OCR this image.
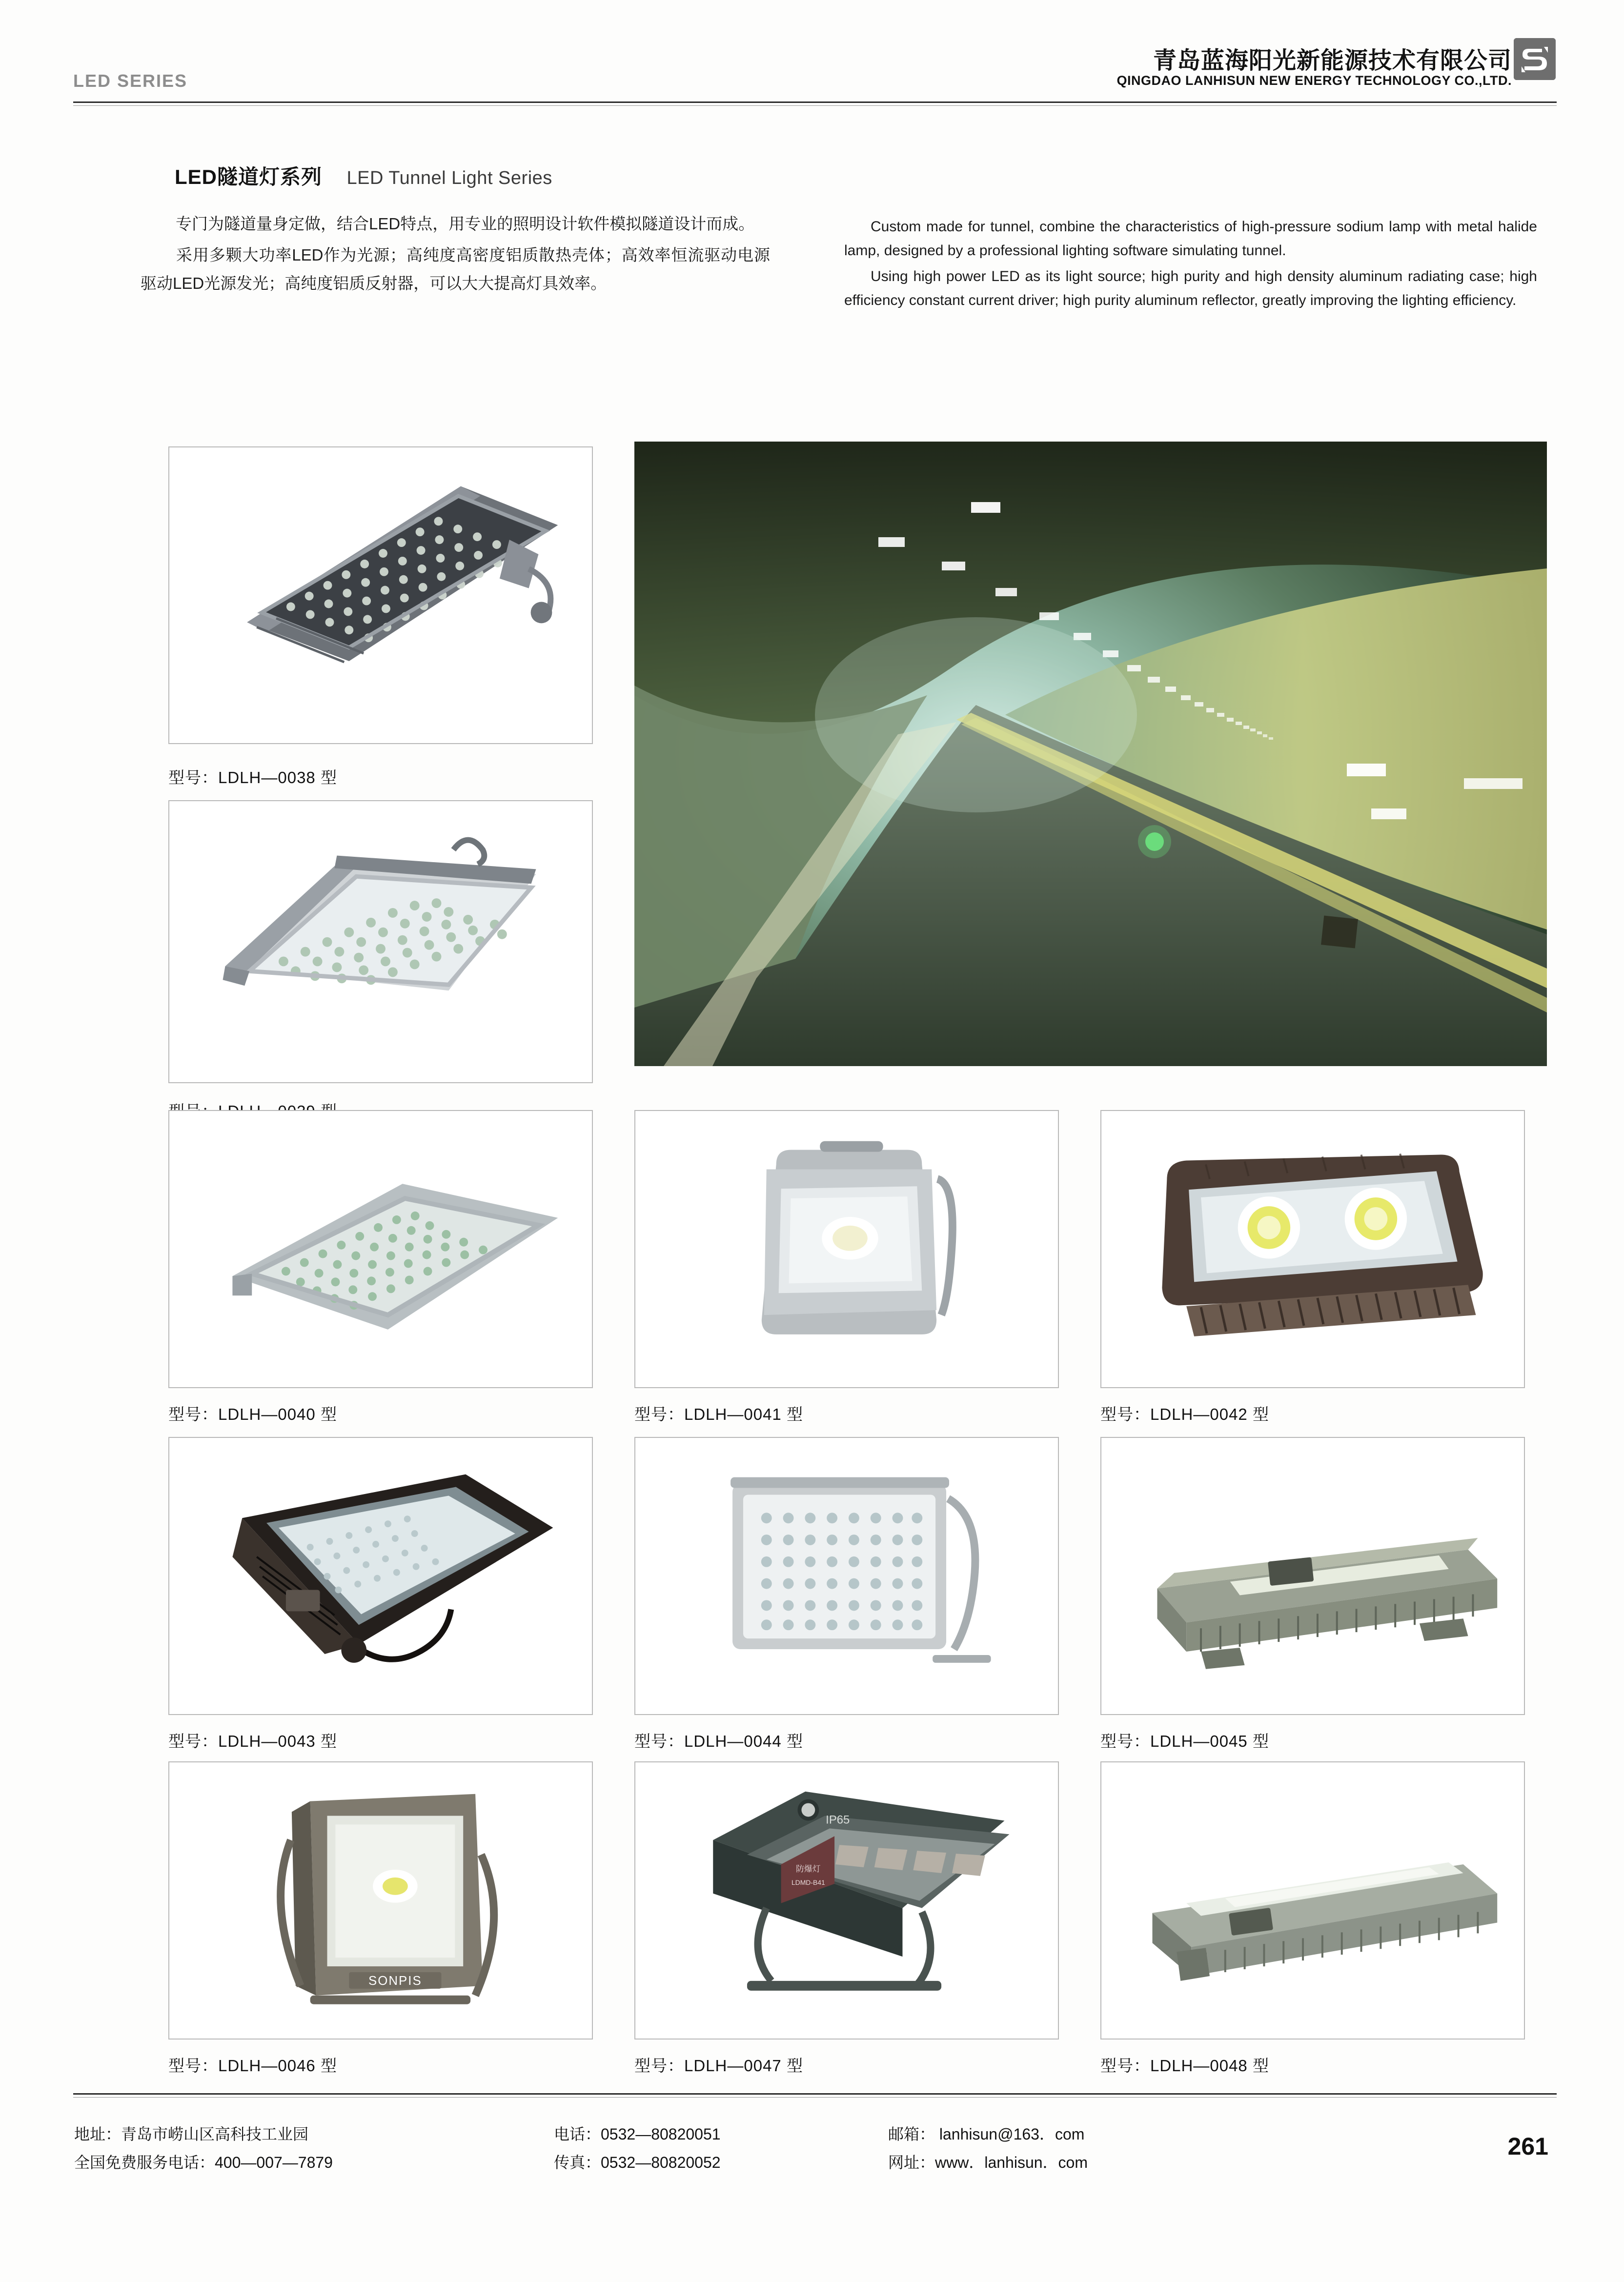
LED SERIES
青岛蓝海阳光新能源技术有限公司
QINGDAO LANHISUN NEW ENERGY TECHNOLOGY CO.,LTD.
LED隧道灯系列 LED Tunnel Light Series

专门为隧道量身定做，结合LED特点，用专业的照明设计软件模拟隧道设计而成。

采用多颗大功率LED作为光源；高纯度高密度铝质散热壳体；高效率恒流驱动电源驱动LED光源发光；高纯度铝质反射器，可以大大提高灯具效率。

Custom made for tunnel, combine the characteristics of high-pressure sodium lamp with metal halide lamp, designed by a professional lighting software simulating tunnel.

Using high power LED as its light source; high purity and high density aluminum radiating case; high efficiency constant current driver; high purity aluminum reflector, greatly improving the lighting efficiency.

型号：LDLH—0038 型
型号：LDLH—0040 型	型号：LDLH—0041 型	型号：LDLH—0042 型
型号：LDLH—0043 型	型号：LDLH—0044 型	型号：LDLH—0045 型
SONPIS
型号：LDLH—0046 型
防爆灯
LDMD-B41
IP65
型号：LDLH—0047 型	型号：LDLH—0048 型
地址：青岛市崂山区高科技工业园
全国免费服务电话：400—007—7879
电话：0532—80820051
传真：0532—80820052
邮箱： lanhisun@163．com
网址：www．lanhisun．com
261
